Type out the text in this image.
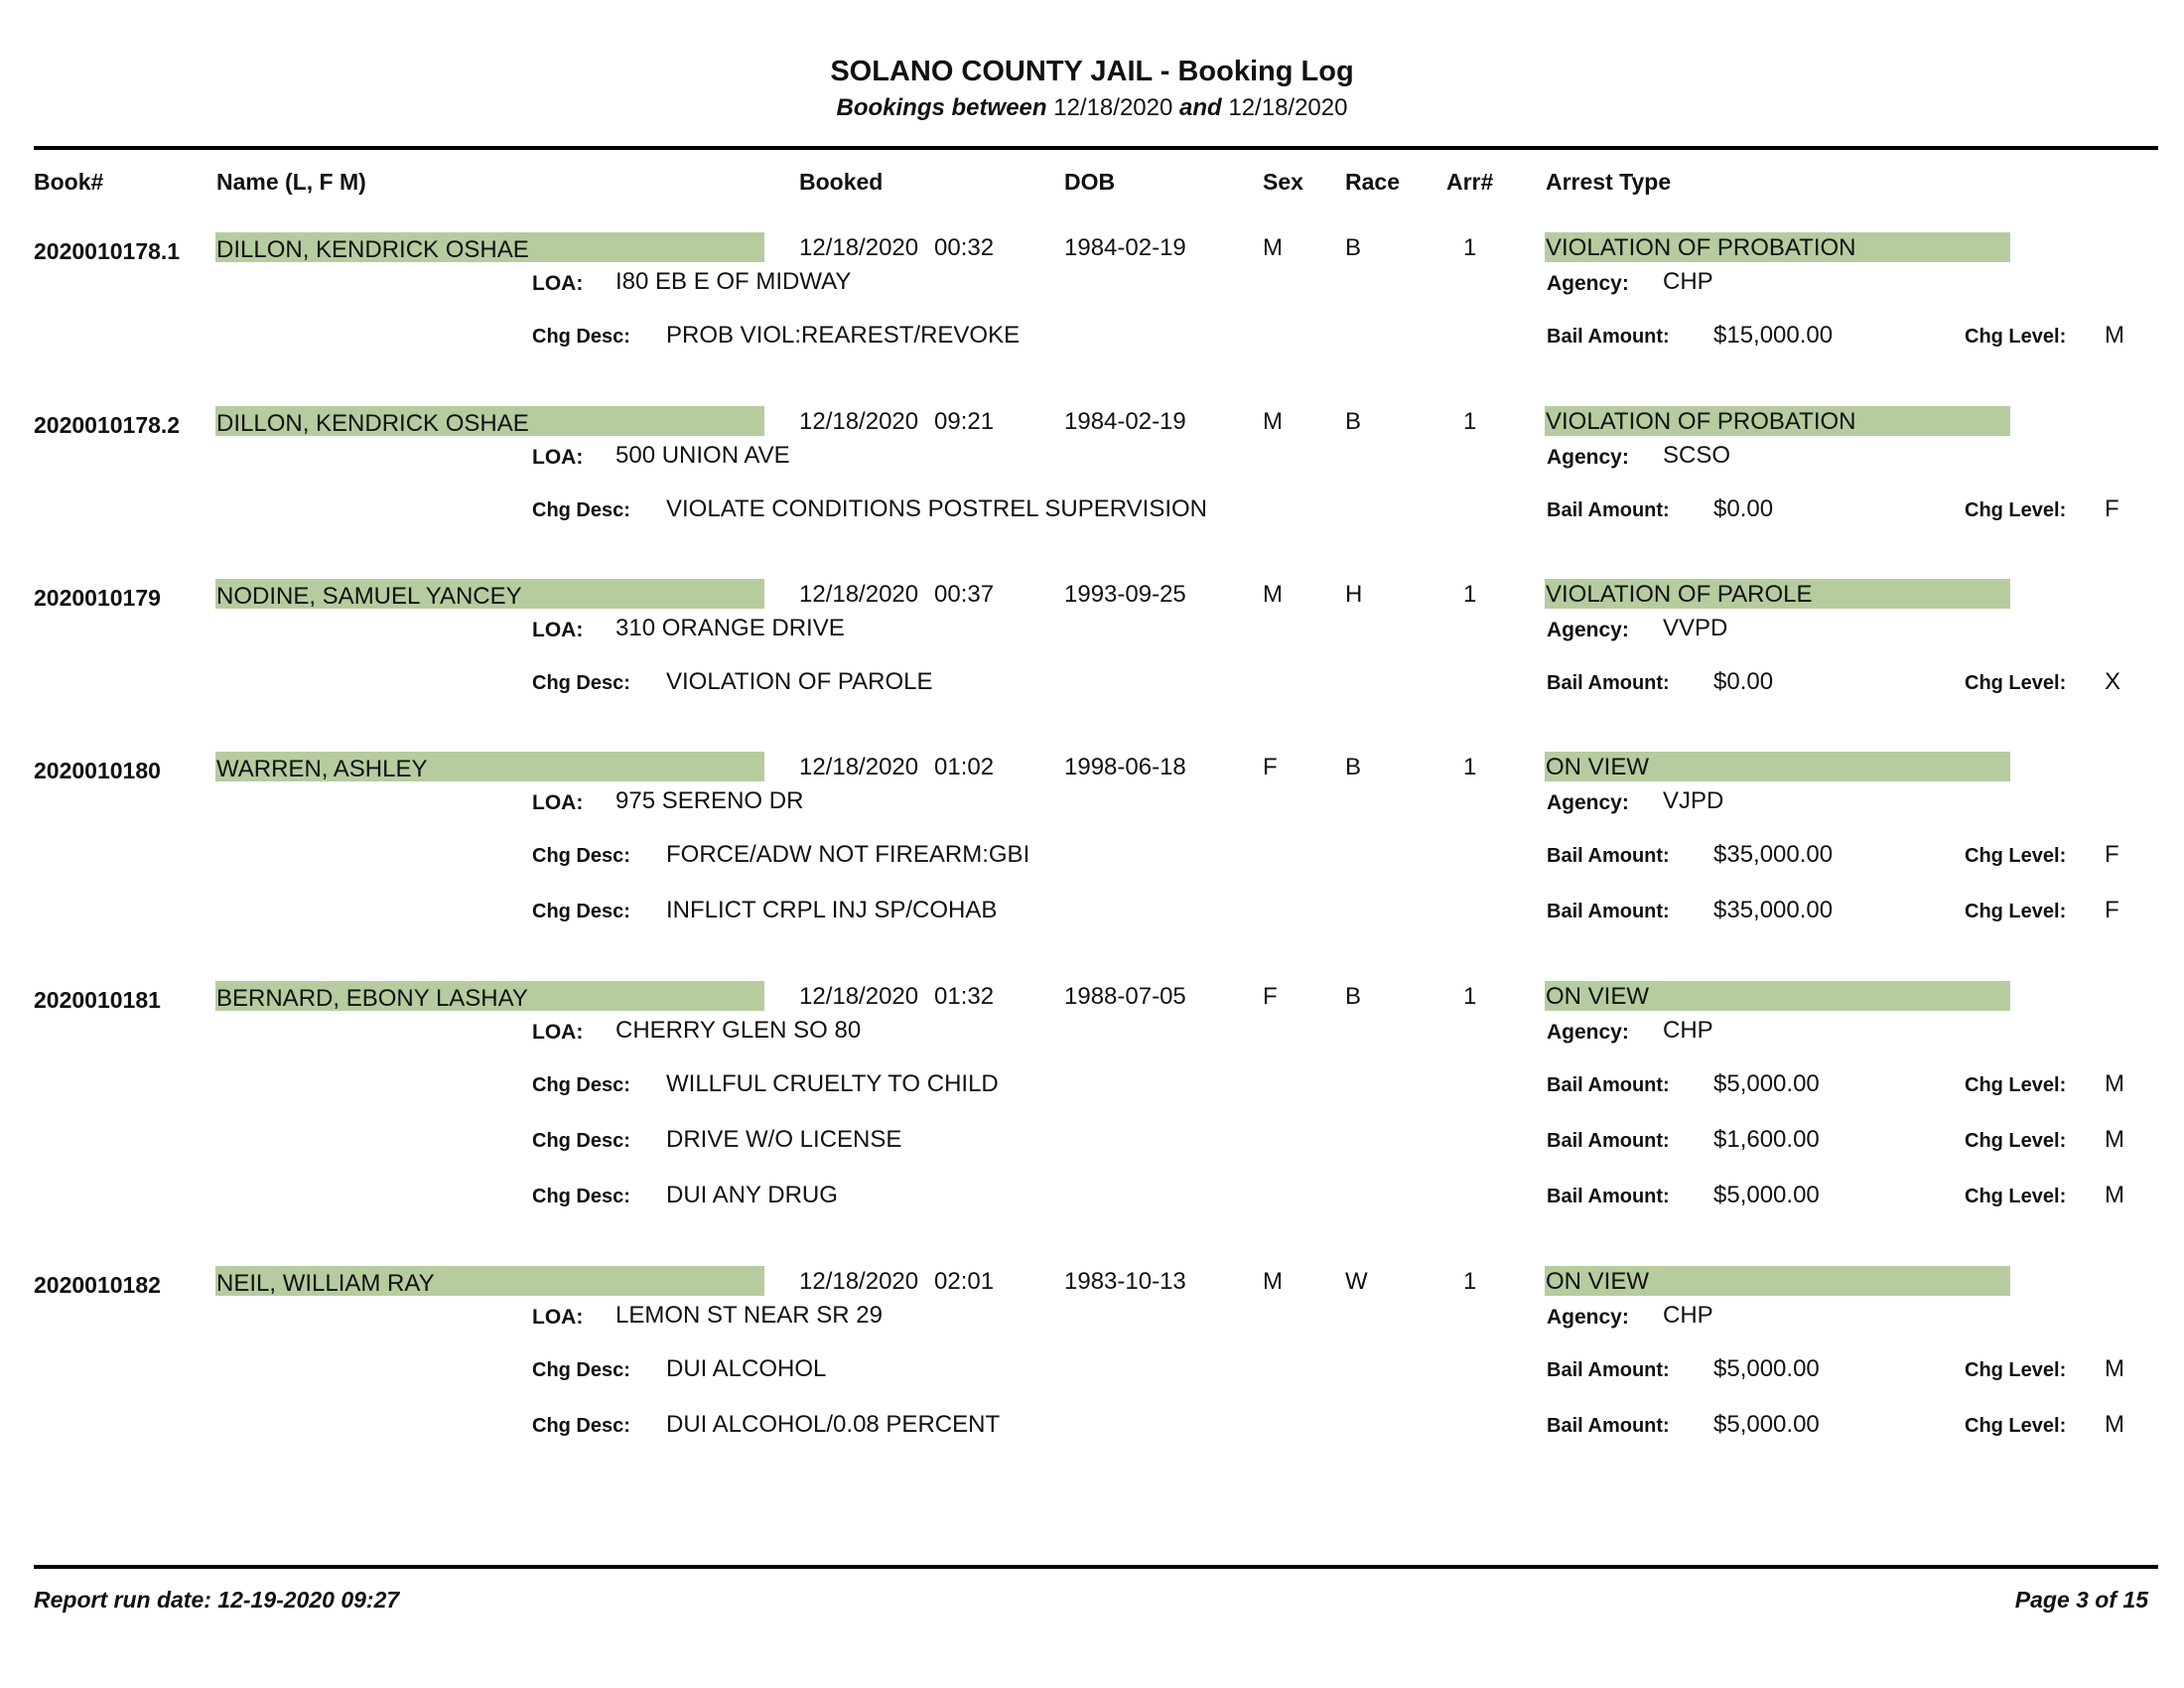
SOLANO COUNTY JAIL - Booking Log
Bookings between 12/18/2020 and 12/18/2020
Book#	Name (L, F M)	Booked	DOB	Sex Race Arr# Arrest Type
2020010178.1 DILLON, KENDRICK OSHAE	12/18/2020 00:32	1984-02-19	M	B	1	VIOLATION OF PROBATION
LOA: I80 EB E OF MIDWAY	Agency: CHP
Chg Desc: PROB VIOL:REAREST/REVOKE	Bail Amount: $15,000.00	Chg Level: M
2020010178.2 DILLON, KENDRICK OSHAE	12/18/2020 09:21	1984-02-19	M	B	1	VIOLATION OF PROBATION
LOA: 500 UNION AVE	Agency: SCSO
Chg Desc: VIOLATE CONDITIONS POSTREL SUPERVISION	Bail Amount: $0.00	Chg Level: F
2020010179 NODINE, SAMUEL YANCEY	12/18/2020 00:37	1993-09-25	M	H	1	VIOLATION OF PAROLE
LOA: 310 ORANGE DRIVE	Agency: VVPD
Chg Desc: VIOLATION OF PAROLE	Bail Amount: $0.00	Chg Level: X
2020010180 WARREN, ASHLEY	12/18/2020 01:02	1998-06-18	F	B	1	ON VIEW
LOA: 975 SERENO DR	Agency: VJPD
Chg Desc: FORCE/ADW NOT FIREARM:GBI	Bail Amount: $35,000.00	Chg Level: F
Chg Desc: INFLICT CRPL INJ SP/COHAB	Bail Amount: $35,000.00	Chg Level: F
2020010181 BERNARD, EBONY LASHAY	12/18/2020 01:32	1988-07-05	F	B	1	ON VIEW
LOA: CHERRY GLEN SO 80	Agency: CHP
Chg Desc: WILLFUL CRUELTY TO CHILD	Bail Amount: $5,000.00	Chg Level: M
Chg Desc: DRIVE W/O LICENSE	Bail Amount: $1,600.00	Chg Level: M
Chg Desc: DUI ANY DRUG	Bail Amount: $5,000.00	Chg Level: M
2020010182 NEIL, WILLIAM RAY	12/18/2020 02:01	1983-10-13	M	W	1	ON VIEW
LOA: LEMON ST NEAR SR 29	Agency: CHP
Chg Desc: DUI ALCOHOL	Bail Amount: $5,000.00	Chg Level: M
Chg Desc: DUI ALCOHOL/0.08 PERCENT	Bail Amount: $5,000.00	Chg Level: M
Report run date: 12-19-2020 09:27	Page 3 of 15
